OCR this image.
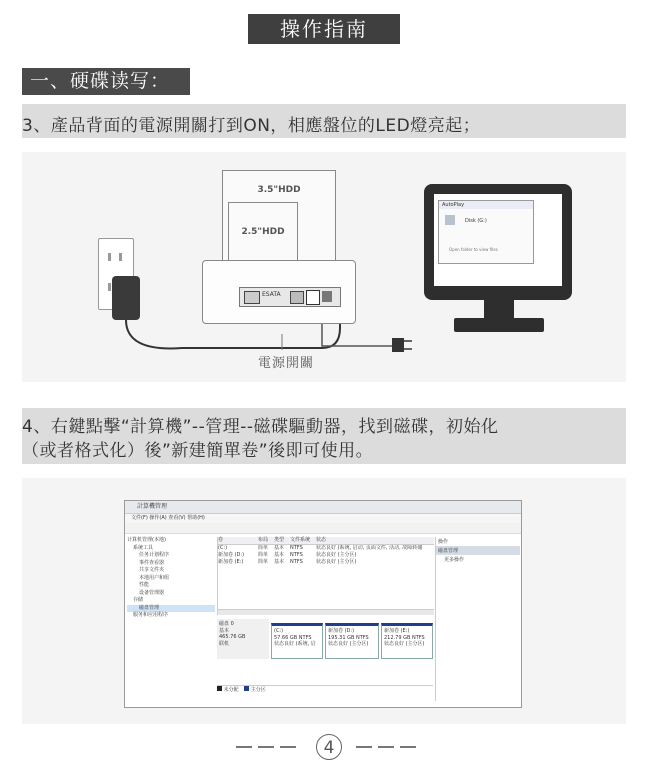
操作指南
一、硬碟读写：
3、產品背面的電源開關打到ON，相應盤位的LED燈亮起；
3.5"HDD
2.5"HDD
ESATA
電源開關
AutoPlay
Disk (G:)
Open folder to view files
4、右鍵點擊“計算機”--管理--磁碟驅動器，找到磁碟，初始化
（或者格式化）後”新建簡單卷”後即可使用。
計算機管理
文件(F) 操作(A) 查看(V) 帮助(H)
计算机管理(本地)
系统工具
任务计划程序
事件查看器
共享文件夹
本地用户和组
性能
设备管理器
存储
磁盘管理
服务和应用程序
卷	布局	类型	文件系统	状态
(C:)	简单	基本	NTFS	状态良好 (系统, 启动, 页面文件, 活动, 故障转储
新加卷 (D:)	简单	基本	NTFS	状态良好 (主分区)
新加卷 (E:)	简单	基本	NTFS	状态良好 (主分区)
操作
磁盘管理
更多操作
磁盘 0
基本
465.76 GB
联机
(C:)
57.66 GB NTFS
状态良好 (系统, 启
新加卷 (D:)
195.31 GB NTFS
状态良好 (主分区)
新加卷 (E:)
212.79 GB NTFS
状态良好 (主分区)
未分配 主分区
4
